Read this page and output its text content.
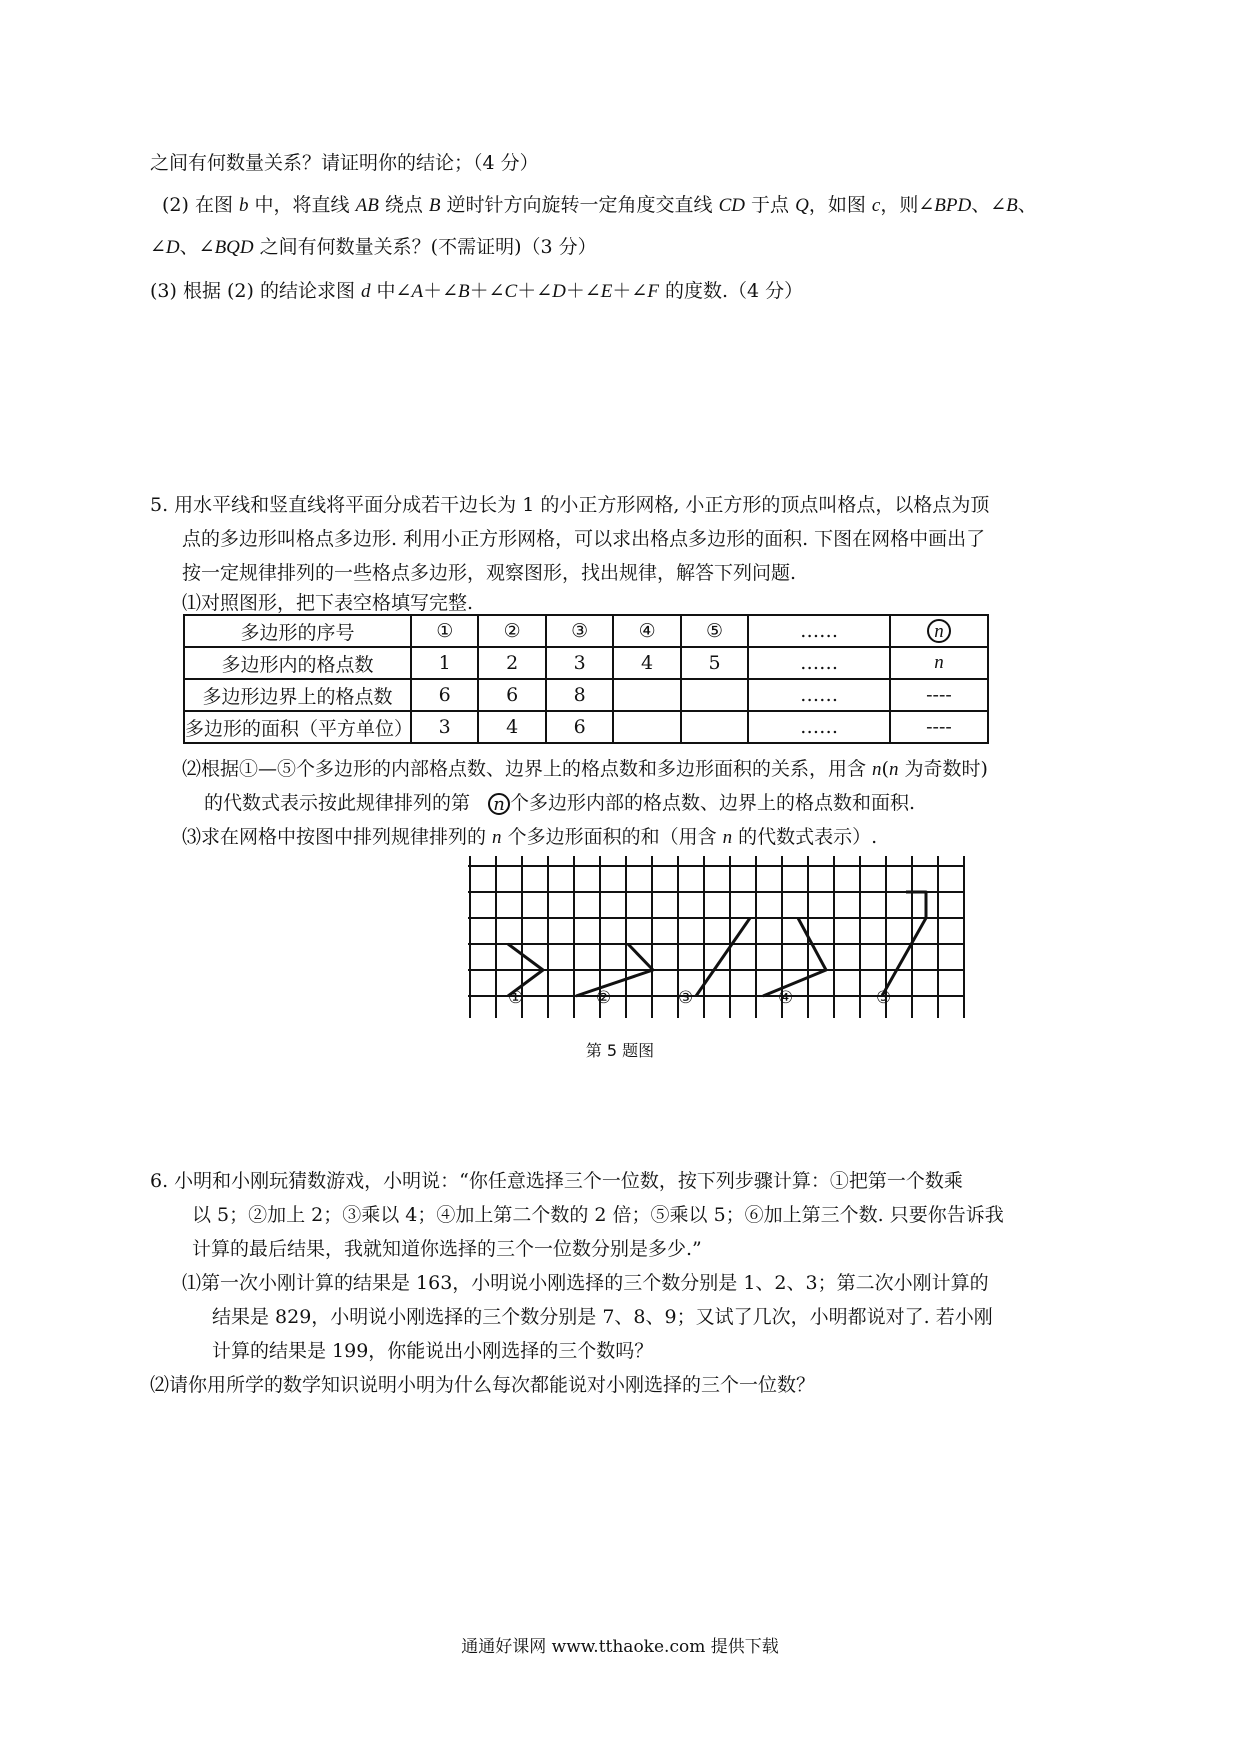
之间有何数量关系？请证明你的结论；（4 分）
(2) 在图 b 中，将直线 AB 绕点 B 逆时针方向旋转一定角度交直线 CD 于点 Q，如图 c，则∠BPD、∠B、
∠D、∠BQD 之间有何数量关系？(不需证明)（3 分）
(3) 根据 (2) 的结论求图 d 中∠A＋∠B＋∠C＋∠D＋∠E＋∠F 的度数.（4 分）
5. 用水平线和竖直线将平面分成若干边长为 1 的小正方形网格, 小正方形的顶点叫格点，以格点为顶
点的多边形叫格点多边形. 利用小正方形网格，可以求出格点多边形的面积. 下图在网格中画出了
按一定规律排列的一些格点多边形，观察图形，找出规律，解答下列问题.
⑴对照图形，把下表空格填写完整.
多边形的序号	①	②	③	④	⑤	……	n
多边形内的格点数	1	2	3	4	5	……	n
多边形边界上的格点数	6	6	8			……	----
多边形的面积（平方单位）	3	4	6			……	----
⑵根据①—⑤个多边形的内部格点数、边界上的格点数和多边形面积的关系，用含 n(n 为奇数时)
的代数式表示按此规律排列的第 n 个多边形内部的格点数、边界上的格点数和面积.
⑶求在网格中按图中排列规律排列的 n 个多边形面积的和（用含 n 的代数式表示）.
①	②	③	④	⑤
第 5 题图
6. 小明和小刚玩猜数游戏，小明说：“你任意选择三个一位数，按下列步骤计算：①把第一个数乘
以 5；②加上 2；③乘以 4；④加上第二个数的 2 倍；⑤乘以 5；⑥加上第三个数. 只要你告诉我
计算的最后结果，我就知道你选择的三个一位数分别是多少.”
⑴第一次小刚计算的结果是 163，小明说小刚选择的三个数分别是 1、2、3；第二次小刚计算的
结果是 829，小明说小刚选择的三个数分别是 7、8、9；又试了几次，小明都说对了. 若小刚
计算的结果是 199，你能说出小刚选择的三个数吗？
⑵请你用所学的数学知识说明小明为什么每次都能说对小刚选择的三个一位数？
通通好课网 www.tthaoke.com 提供下载
